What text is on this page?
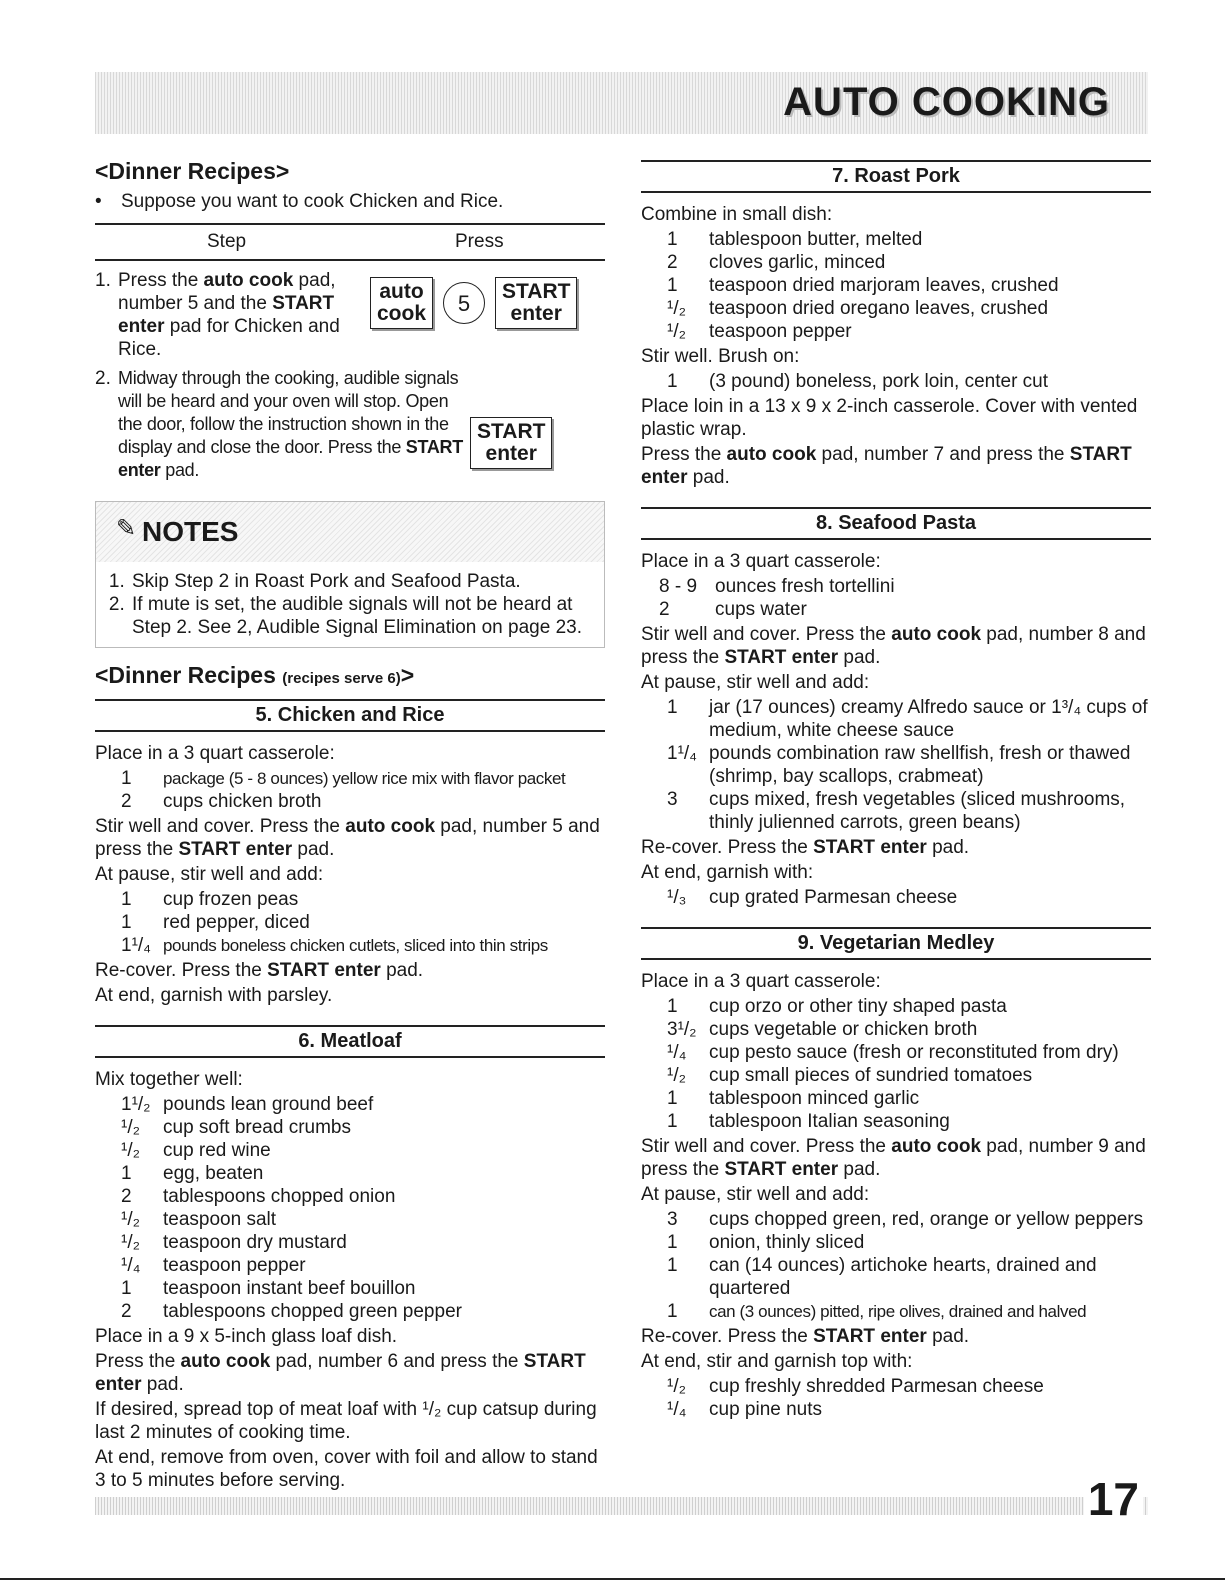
AUTO COOKING
<Dinner Recipes>
• Suppose you want to cook Chicken and Rice.
Step	Press
1. Press the auto cook pad, number 5 and the START enter pad for Chicken and Rice.
auto
cook	5	START
enter
2. Midway through the cooking, audible signals will be heard and your oven will stop. Open the door, follow the instruction shown in the display and close the door. Press the START enter pad.
START
enter
✎ NOTES
1. Skip Step 2 in Roast Pork and Seafood Pasta.
2. If mute is set, the audible signals will not be heard at Step 2. See 2, Audible Signal Elimination on page 23.
<Dinner Recipes (recipes serve 6)>
5. Chicken and Rice
Place in a 3 quart casserole:
1	package (5 - 8 ounces) yellow rice mix with flavor packet
2	cups chicken broth
Stir well and cover. Press the auto cook pad, number 5 and press the START enter pad.
At pause, stir well and add:
1	cup frozen peas
1	red pepper, diced
1¹/₄ pounds boneless chicken cutlets, sliced into thin strips
Re-cover. Press the START enter pad.
At end, garnish with parsley.
6. Meatloaf
Mix together well:
1¹/₂ pounds lean ground beef
¹/₂	cup soft bread crumbs
¹/₂	cup red wine
1	egg, beaten
2	tablespoons chopped onion
¹/₂	teaspoon salt
¹/₂	teaspoon dry mustard
¹/₄	teaspoon pepper
1	teaspoon instant beef bouillon
2	tablespoons chopped green pepper
Place in a 9 x 5-inch glass loaf dish.
Press the auto cook pad, number 6 and press the START enter pad.
If desired, spread top of meat loaf with ¹/₂ cup catsup during last 2 minutes of cooking time.
At end, remove from oven, cover with foil and allow to stand 3 to 5 minutes before serving.
7. Roast Pork
Combine in small dish:
1	tablespoon butter, melted
2	cloves garlic, minced
1	teaspoon dried marjoram leaves, crushed
¹/₂	teaspoon dried oregano leaves, crushed
¹/₂	teaspoon pepper
Stir well. Brush on:
1	(3 pound) boneless, pork loin, center cut
Place loin in a 13 x 9 x 2-inch casserole. Cover with vented plastic wrap.
Press the auto cook pad, number 7 and press the START enter pad.
8. Seafood Pasta
Place in a 3 quart casserole:
8 - 9 ounces fresh tortellini
2	cups water
Stir well and cover. Press the auto cook pad, number 8 and press the START enter pad.
At pause, stir well and add:
1	jar (17 ounces) creamy Alfredo sauce or 1³/₄ cups of medium, white cheese sauce
1¹/₄ pounds combination raw shellfish, fresh or thawed (shrimp, bay scallops, crabmeat)
3	cups mixed, fresh vegetables (sliced mushrooms, thinly julienned carrots, green beans)
Re-cover. Press the START enter pad.
At end, garnish with:
¹/₃	cup grated Parmesan cheese
9. Vegetarian Medley
Place in a 3 quart casserole:
1	cup orzo or other tiny shaped pasta
3¹/₂ cups vegetable or chicken broth
¹/₄	cup pesto sauce (fresh or reconstituted from dry)
¹/₂	cup small pieces of sundried tomatoes
1	tablespoon minced garlic
1	tablespoon Italian seasoning
Stir well and cover. Press the auto cook pad, number 9 and press the START enter pad.
At pause, stir well and add:
3	cups chopped green, red, orange or yellow peppers
1	onion, thinly sliced
1	can (14 ounces) artichoke hearts, drained and quartered
1	can (3 ounces) pitted, ripe olives, drained and halved
Re-cover. Press the START enter pad.
At end, stir and garnish top with:
¹/₂	cup freshly shredded Parmesan cheese
¹/₄	cup pine nuts
17
